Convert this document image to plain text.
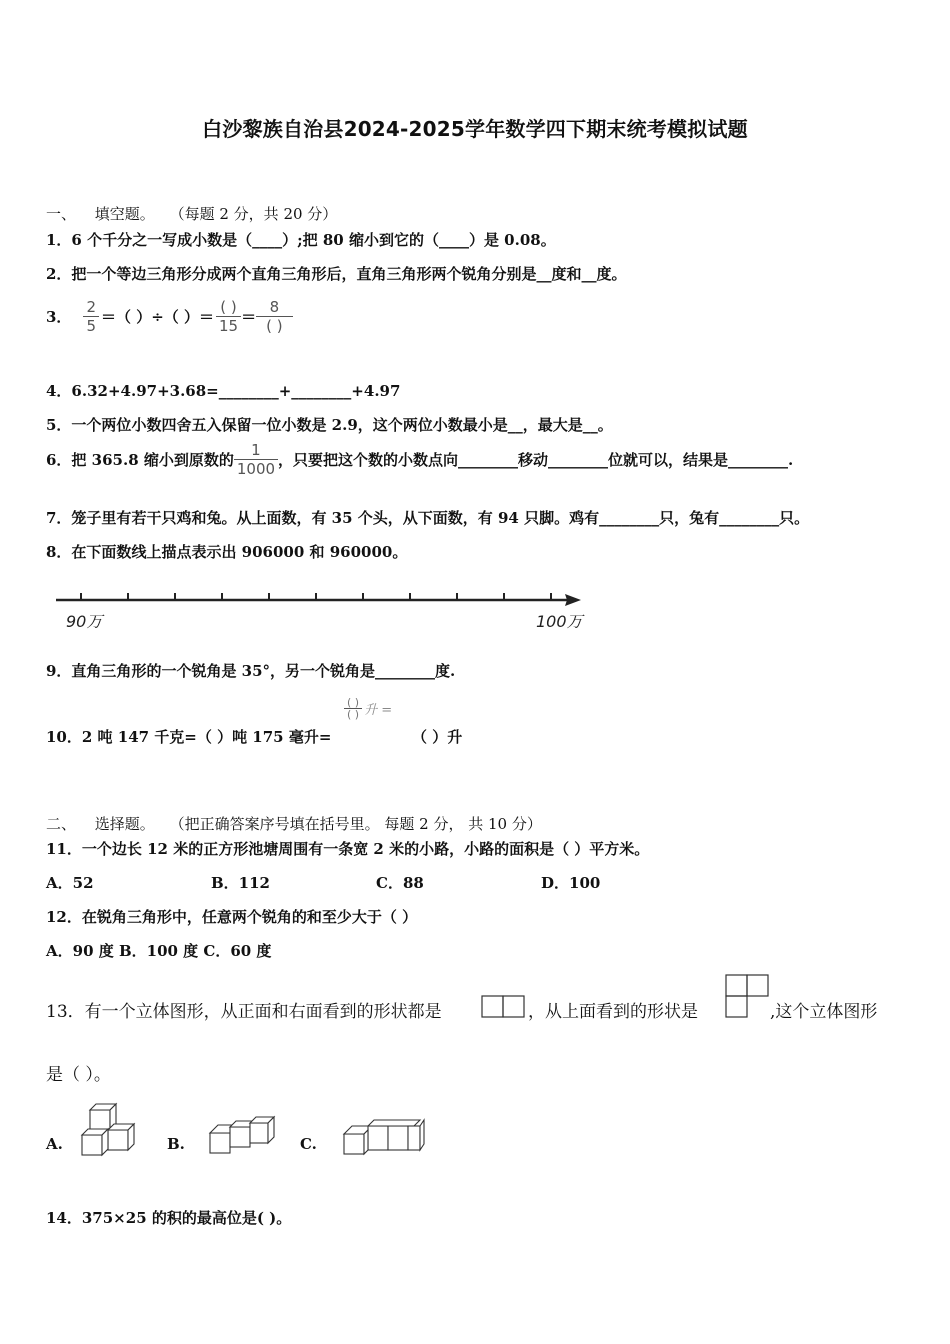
白沙黎族自治县2024-2025学年数学四下期末统考模拟试题
一、 填空题。 （每题 2 分，共 20 分）
1．6 个千分之一写成小数是（____）;把 80 缩小到它的（____）是 0.08。
2．把一个等边三角形分成两个直角三角形后，直角三角形两个锐角分别是__度和__度。
3． $\frac{2}{5}$ ＝（ ）÷（ ）＝ $\frac{( )}{15} = \frac{8}{( )}$
4．6.32+4.97+3.68=________+________+4.97
5．一个两位小数四舍五入保留一位小数是 2.9，这个两位小数最小是__，最大是__。
6．把 365.8 缩小到原数的 $\frac{1}{1000}$ ，只要把这个数的小数点向________移动________位就可以，结果是________.
7．笼子里有若干只鸡和兔。从上面数，有 35 个头，从下面数，有 94 只脚。鸡有________只，兔有________只。
8．在下面数线上描点表示出 906000 和 960000。
90万	100万
9．直角三角形的一个锐角是 35°，另一个锐角是________度.
10．2 吨 147 千克=（ ）吨 175 毫升=
$\frac{( )}{( )}$ 升 =
（ ）升
二、 选择题。 （把正确答案序号填在括号里。 每题 2 分， 共 10 分）
11．一个边长 12 米的正方形池塘周围有一条宽 2 米的小路，小路的面积是（ ）平方米。
A．52	B．112	C．88	D．100
12．在锐角三角形中，任意两个锐角的和至少大于（ ）
A．90 度 B．100 度 C．60 度
13．有一个立体图形，从正面和右面看到的形状都是	，从上面看到的形状是	,这个立体图形
是（ ）。
A.	B.	C.
14．375×25 的积的最高位是( )。
